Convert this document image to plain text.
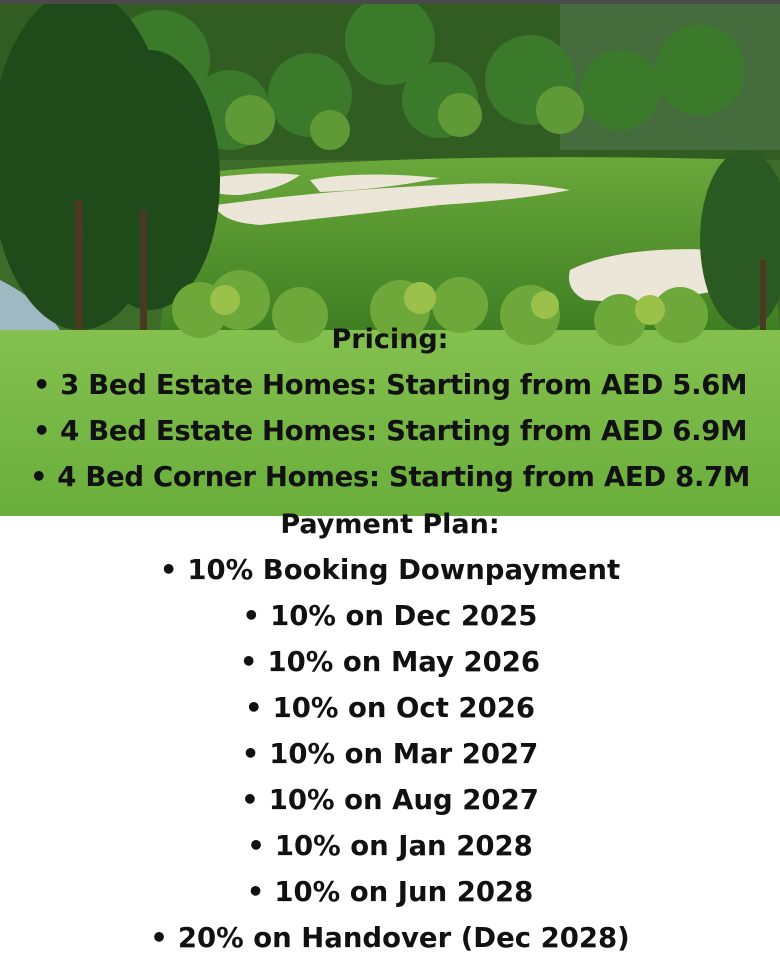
Pricing:
• 3 Bed Estate Homes: Starting from AED 5.6M
• 4 Bed Estate Homes: Starting from AED 6.9M
• 4 Bed Corner Homes: Starting from AED 8.7M
Payment Plan:
• 10% Booking Downpayment
• 10% on Dec 2025
• 10% on May 2026
• 10% on Oct 2026
• 10% on Mar 2027
• 10% on Aug 2027
• 10% on Jan 2028
• 10% on Jun 2028
• 20% on Handover (Dec 2028)
